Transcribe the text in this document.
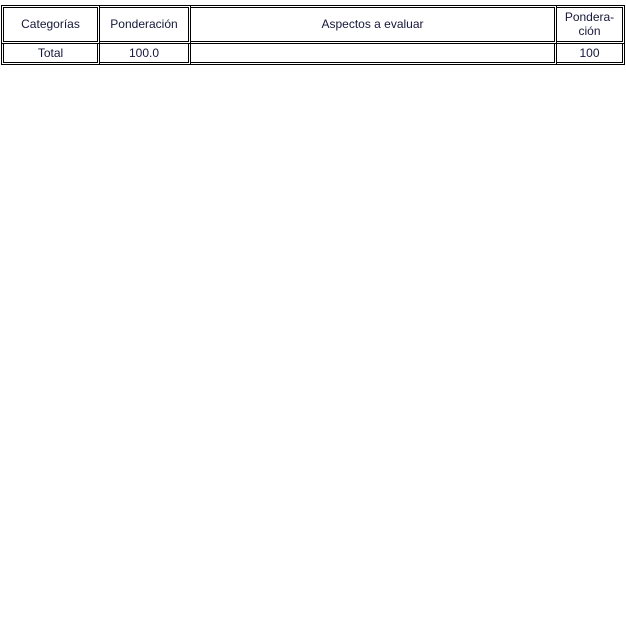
Categorías	Ponderación	Aspectos a evaluar	Pondera-
ción

Total	100.0		100
